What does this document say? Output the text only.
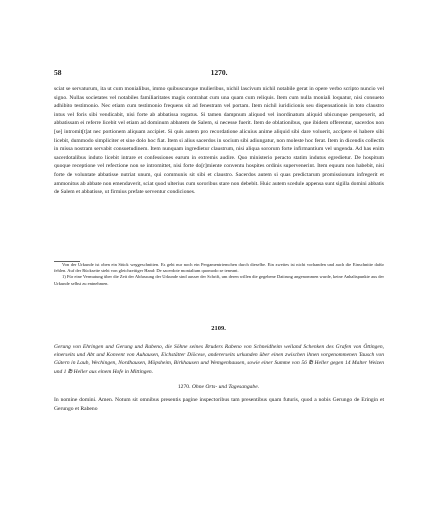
58	1270.

sciat se servaturum, ita ut cum monialibus, immo quibuscunque mulieribus, nichil lascivum nichil notabile gerat in opere verbo scripto nuncio vel signo. Nullas societates vel notabiles familiaritates magis contrahat cum una quam cum reliquis. Item cum nulla moniali loquatur, nisi consueto adhibito testimonio. Nec etiam cum testimonio frequens sit ad fenestram vel portam. Item nichil iuridicionis seu dispensationis in toto claustro intus vel foris sibi vendicabit, nisi forte ab abbatissa rogatus. Si tamen dampnum aliquod vel inordinatum aliquid ubicunque perspexerit, ad abbatissam ei referre licebit vel etiam ad dominum abbatem de Salem, si necesse fuerit. Item de oblationibus, que ibidem offerentur, sacerdos non [se] intromit[t]at nec portionem aliquam accipiet. Si quis autem pro recordatione alicuius anime aliquid sibi dare voluerit, accipere ei habere sibi licebit, dummodo simpliciter et sine dolo hoc fiat. Item si alius sacerdos in socium sibi adiungatur, non moleste hoc ferat. Item in dicendis collectis in missa nostram servabit consuetudinem. Item nunquam ingredietur claustrum, nisi aliqua sororum forte infirmantium vel ungenda. Ad has enim sacerdotalibus induto licebit intrare et confessiones earum in extremis audire. Quo ministerio peracto statim indutus egredietur. De hospitum quoque receptione vel refectione non se intromittet, nisi forte do[r]miente conventu hospites ordinis supervenerint. Item equum non habebit, nisi forte de voluntate abbatisse nutriat unum, qui communis sit sibi et claustro. Sacerdos autem si quas predictarum promissionum infregerit et ammonitus ab abbate non emendaverit, sciat quod ulterius cum sororibus stare non debebit. Huic autem scedule appensa sunt sigilla domini abbatis de Salem et abbatisse, ut firmius prefate serventur condiciones.

Von der Urkunde ist oben ein Stück weggeschnitten. Es geht nur noch ein Pergamentriemchen durch dieselbe. Ein zweites ist nicht vorhanden und auch die Einschnitte dafür fehlen. Auf der Rückseite steht von gleichzeitiger Hand: De sacerdote monialium quomodo se teneant.

1) Für eine Vermutung über die Zeit der Abfassung der Urkunde sind ausser der Schrift, um deren willen die gegebene Datirung angenommen wurde, keine Anhaltspunkte aus der Urkunde selbst zu entnehmen.

2109.

Gerung von Ehringen und Gerung und Rabeno, die Söhne seines Bruders Rabeno von Schneidheim weiland Schenken des Grafen von Öttingen, einerseits und Abt und Konvent von Auhausen, Eichstätter Diöcese, andererseits urkunden über einen zwischen ihnen vorgenommenen Tausch von Gütern in Laub, Wechingen, Nordhausen, Möpsheim, Birkhausen und Wemgenhausen, sowie einer Summe von 56 ℔ Heller gegen 14 Malter Weizen und 1 ℔ Heller aus einem Hofe in Mittingen.

1270. Ohne Orts- und Tagesangabe.

In nomine domini. Amen. Notum sit omnibus presentis pagine inspectoribus tam presentibus quam futuris, quod a nobis Gerungo de Eringin et Gerungo et Rabeno
